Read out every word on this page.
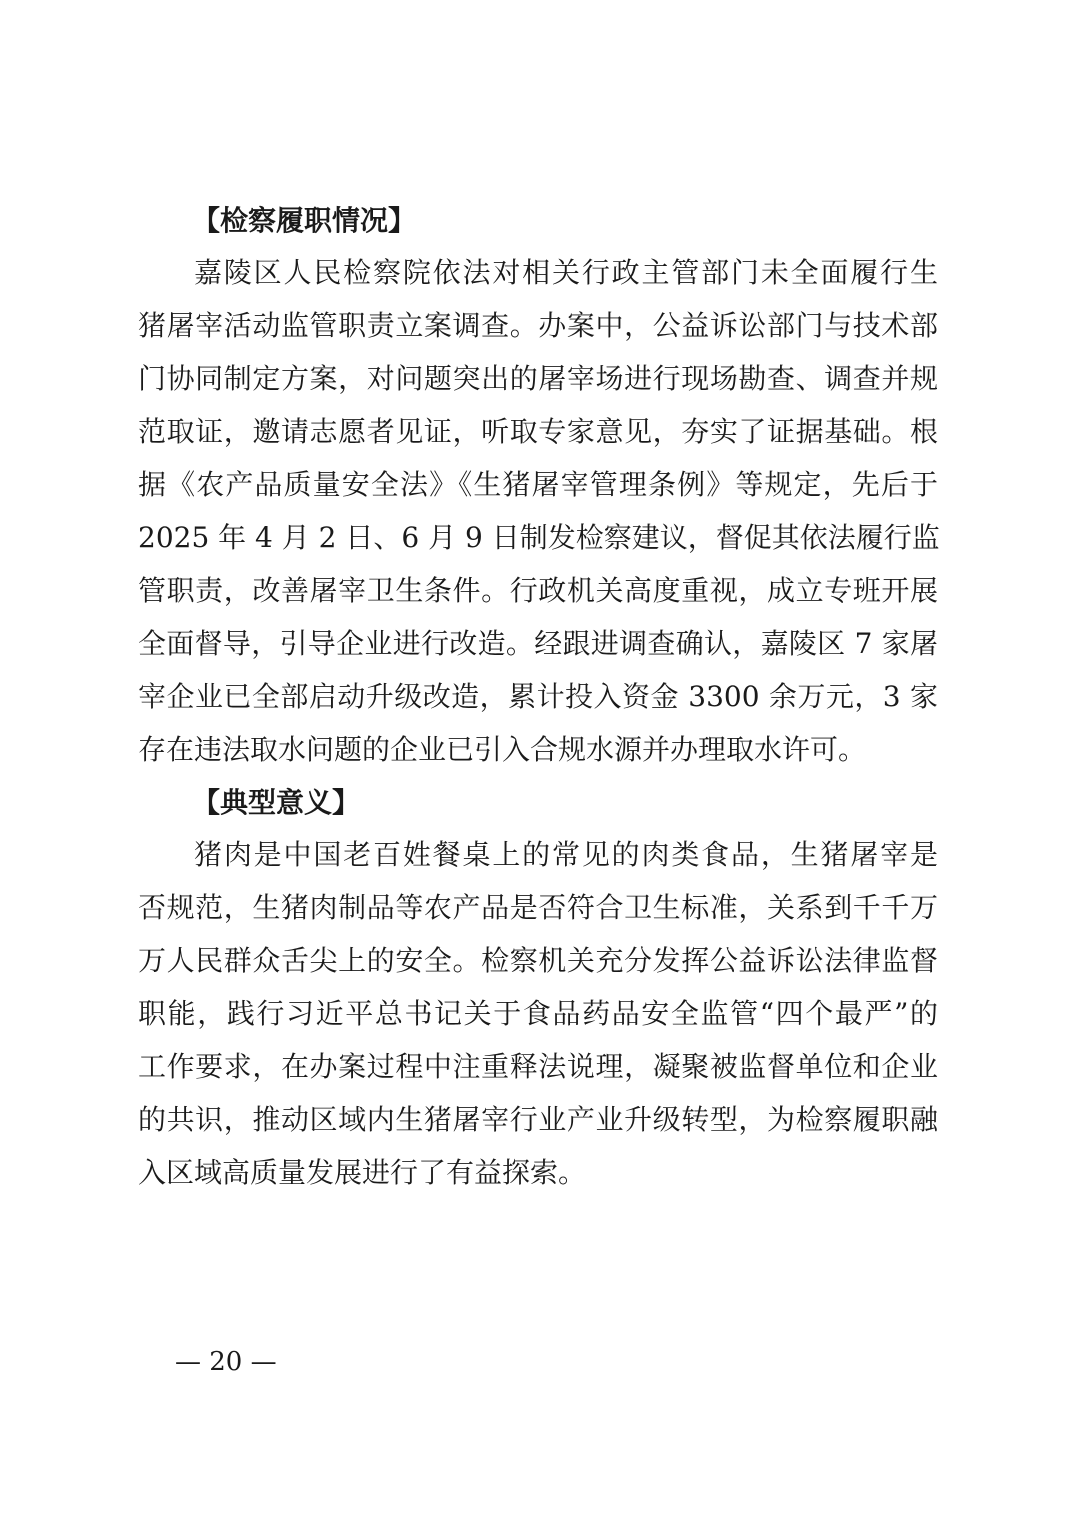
【检察履职情况】
嘉陵区人民检察院依法对相关行政主管部门未全面履行生
猪屠宰活动监管职责立案调查。办案中，公益诉讼部门与技术部
门协同制定方案，对问题突出的屠宰场进行现场勘查、调查并规
范取证，邀请志愿者见证，听取专家意见，夯实了证据基础。根
据《农产品质量安全法》《生猪屠宰管理条例》等规定，先后于
2025 年 4 月 2 日、6 月 9 日制发检察建议，督促其依法履行监
管职责，改善屠宰卫生条件。行政机关高度重视，成立专班开展
全面督导，引导企业进行改造。经跟进调查确认，嘉陵区 7 家屠
宰企业已全部启动升级改造，累计投入资金 3300 余万元，3 家
存在违法取水问题的企业已引入合规水源并办理取水许可。
【典型意义】
猪肉是中国老百姓餐桌上的常见的肉类食品，生猪屠宰是
否规范，生猪肉制品等农产品是否符合卫生标准，关系到千千万
万人民群众舌尖上的安全。检察机关充分发挥公益诉讼法律监督
职能，践行习近平总书记关于食品药品安全监管“四个最严”的
工作要求，在办案过程中注重释法说理，凝聚被监督单位和企业
的共识，推动区域内生猪屠宰行业产业升级转型，为检察履职融
入区域高质量发展进行了有益探索。
— 20 —
